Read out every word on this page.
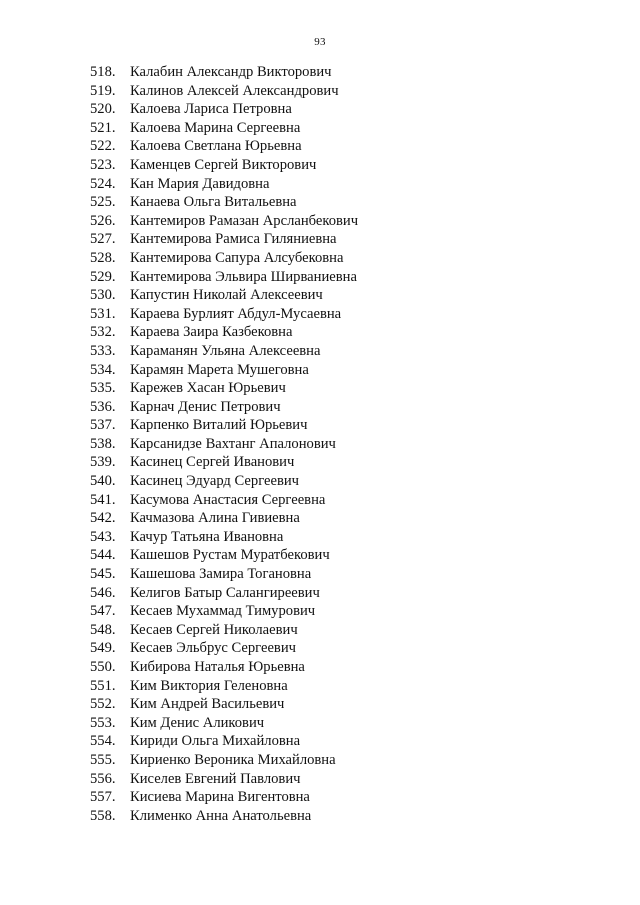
93
518. Калабин Александр Викторович
519. Калинов Алексей Александрович
520. Калоева Лариса Петровна
521. Калоева Марина Сергеевна
522. Калоева Светлана Юрьевна
523. Каменцев Сергей Викторович
524. Кан Мария Давидовна
525. Канаева Ольга Витальевна
526. Кантемиров Рамазан Арсланбекович
527. Кантемирова Рамиса Гиляниевна
528. Кантемирова Сапура Алсубековна
529. Кантемирова Эльвира Ширваниевна
530. Капустин Николай Алексеевич
531. Караева Бурлият Абдул-Мусаевна
532. Караева Заира Казбековна
533. Караманян Ульяна Алексеевна
534. Карамян Марета Мушеговна
535. Карежев Хасан Юрьевич
536. Карнач Денис Петрович
537. Карпенко Виталий Юрьевич
538. Карсанидзе Вахтанг Апалонович
539. Касинец Сергей Иванович
540. Касинец Эдуард Сергеевич
541. Касумова Анастасия Сергеевна
542. Качмазова Алина Гивиевна
543. Качур Татьяна Ивановна
544. Кашешов Рустам Муратбекович
545. Кашешова Замира Тогановна
546. Келигов Батыр Салангиреевич
547. Кесаев Мухаммад Тимурович
548. Кесаев Сергей Николаевич
549. Кесаев Эльбрус Сергеевич
550. Кибирова Наталья Юрьевна
551. Ким Виктория Геленовна
552. Ким Андрей Васильевич
553. Ким Денис Аликович
554. Кириди Ольга Михайловна
555. Кириенко Вероника Михайловна
556. Киселев Евгений Павлович
557. Кисиева Марина Вигентовна
558. Клименко Анна Анатольевна
